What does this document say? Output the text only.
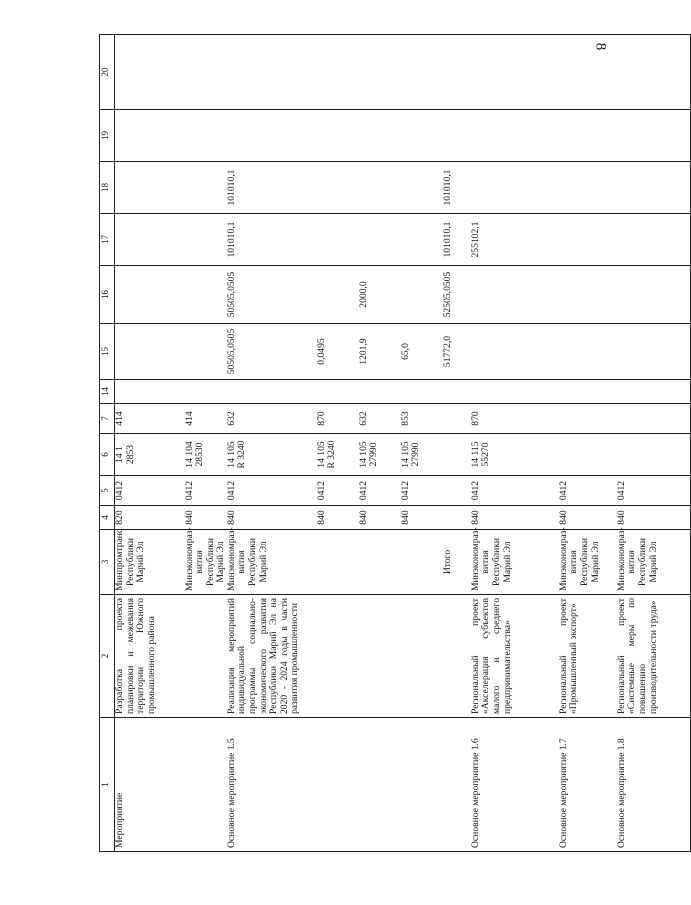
8
1	2	3	4	5	6	7	14	15	16	17	18	19	20
Мероприятие	Разработка проекта планировки и межевания территории Южного промышленного района	Минпромтранс Республики Марий Эл	820	0412	14 1 2853	414							
		Минэкономраз-вития Республики Марий Эл	840	0412	14 104 28530	414							
Основное мероприятие 1.5	Реализация мероприятий индивидуальной программы социально-экономического развития Республики Марий Эл на 2020 - 2024 годы в части развития промышленности	Минэкономраз-вития Республики Марий Эл	840	0412	14 105 R 3240	632		50505,0505	50505,0505	101010,1	101010,1		
			840	0412	14 105 R 3240	870		0,0495					
			840	0412	14 105 27990	632		1201,9	2000,0				
			840	0412	14 105 27990	853		65,0					
		Итого						51772,0	52505,0505	101010,1	101010,1		
Основное мероприятие 1.6	Региональный проект «Акселерация субъектов малого и среднего предпринимательства»	Минэкономраз-вития Республики Марий Эл	840	0412	14 115 55270	870				255102,1			
Основное мероприятие 1.7	Региональный проект «Промышленный экспорт»	Минэкономраз-вития Республики Марий Эл	840	0412									
Основное мероприятие 1.8	Региональный проект «Системные меры по повышению производительности труда»	Минэкономраз-вития Республики Марий Эл	840	0412									
